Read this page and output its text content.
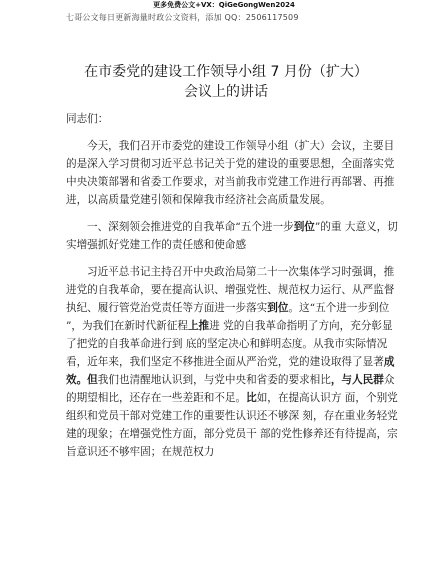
更多免费公文+VX：QiGeGongWen2024
七哥公文每日更新海量时政公文资料，添加 QQ：2506117509
在市委党的建设工作领导小组 7 月份（扩大）
会议上的讲话

同志们：

今天，我们召开市委党的建设工作领导小组（扩大）会议，主要目的是深入学习贯彻习近平总书记关于党的建设的重要思想，全面落实党中央决策部署和省委工作要求，对当前我市党建工作进行再部署、再推进，以高质量党建引领和保障我市经济社会高质量发展。

一、深刻领会推进党的自我革命“五个进一步到位”的重 大意义，切实增强抓好党建工作的责任感和使命感

习近平总书记主持召开中央政治局第二十一次集体学习时强调，推进党的自我革命，要在提高认识、增强党性、规范权力运行、从严监督执纪、履行管党治党责任等方面进一步落实到位。这“五个进一步到位 ”，为我们在新时代新征程上推进 党的自我革命指明了方向，充分彰显了把党的自我革命进行到 底的坚定决心和鲜明态度。从我市实际情况看，近年来，我们坚定不移推进全面从严治党，党的建设取得了显著成效。但我们也清醒地认识到，与党中央和省委的要求相比，与人民群众的期望相比，还存在一些差距和不足。比如，在提高认识方 面，个别党组织和党员干部对党建工作的重要性认识还不够深 刻，存在重业务轻党建的现象；在增强党性方面，部分党员干 部的党性修养还有待提高，宗旨意识还不够牢固；在规范权力
